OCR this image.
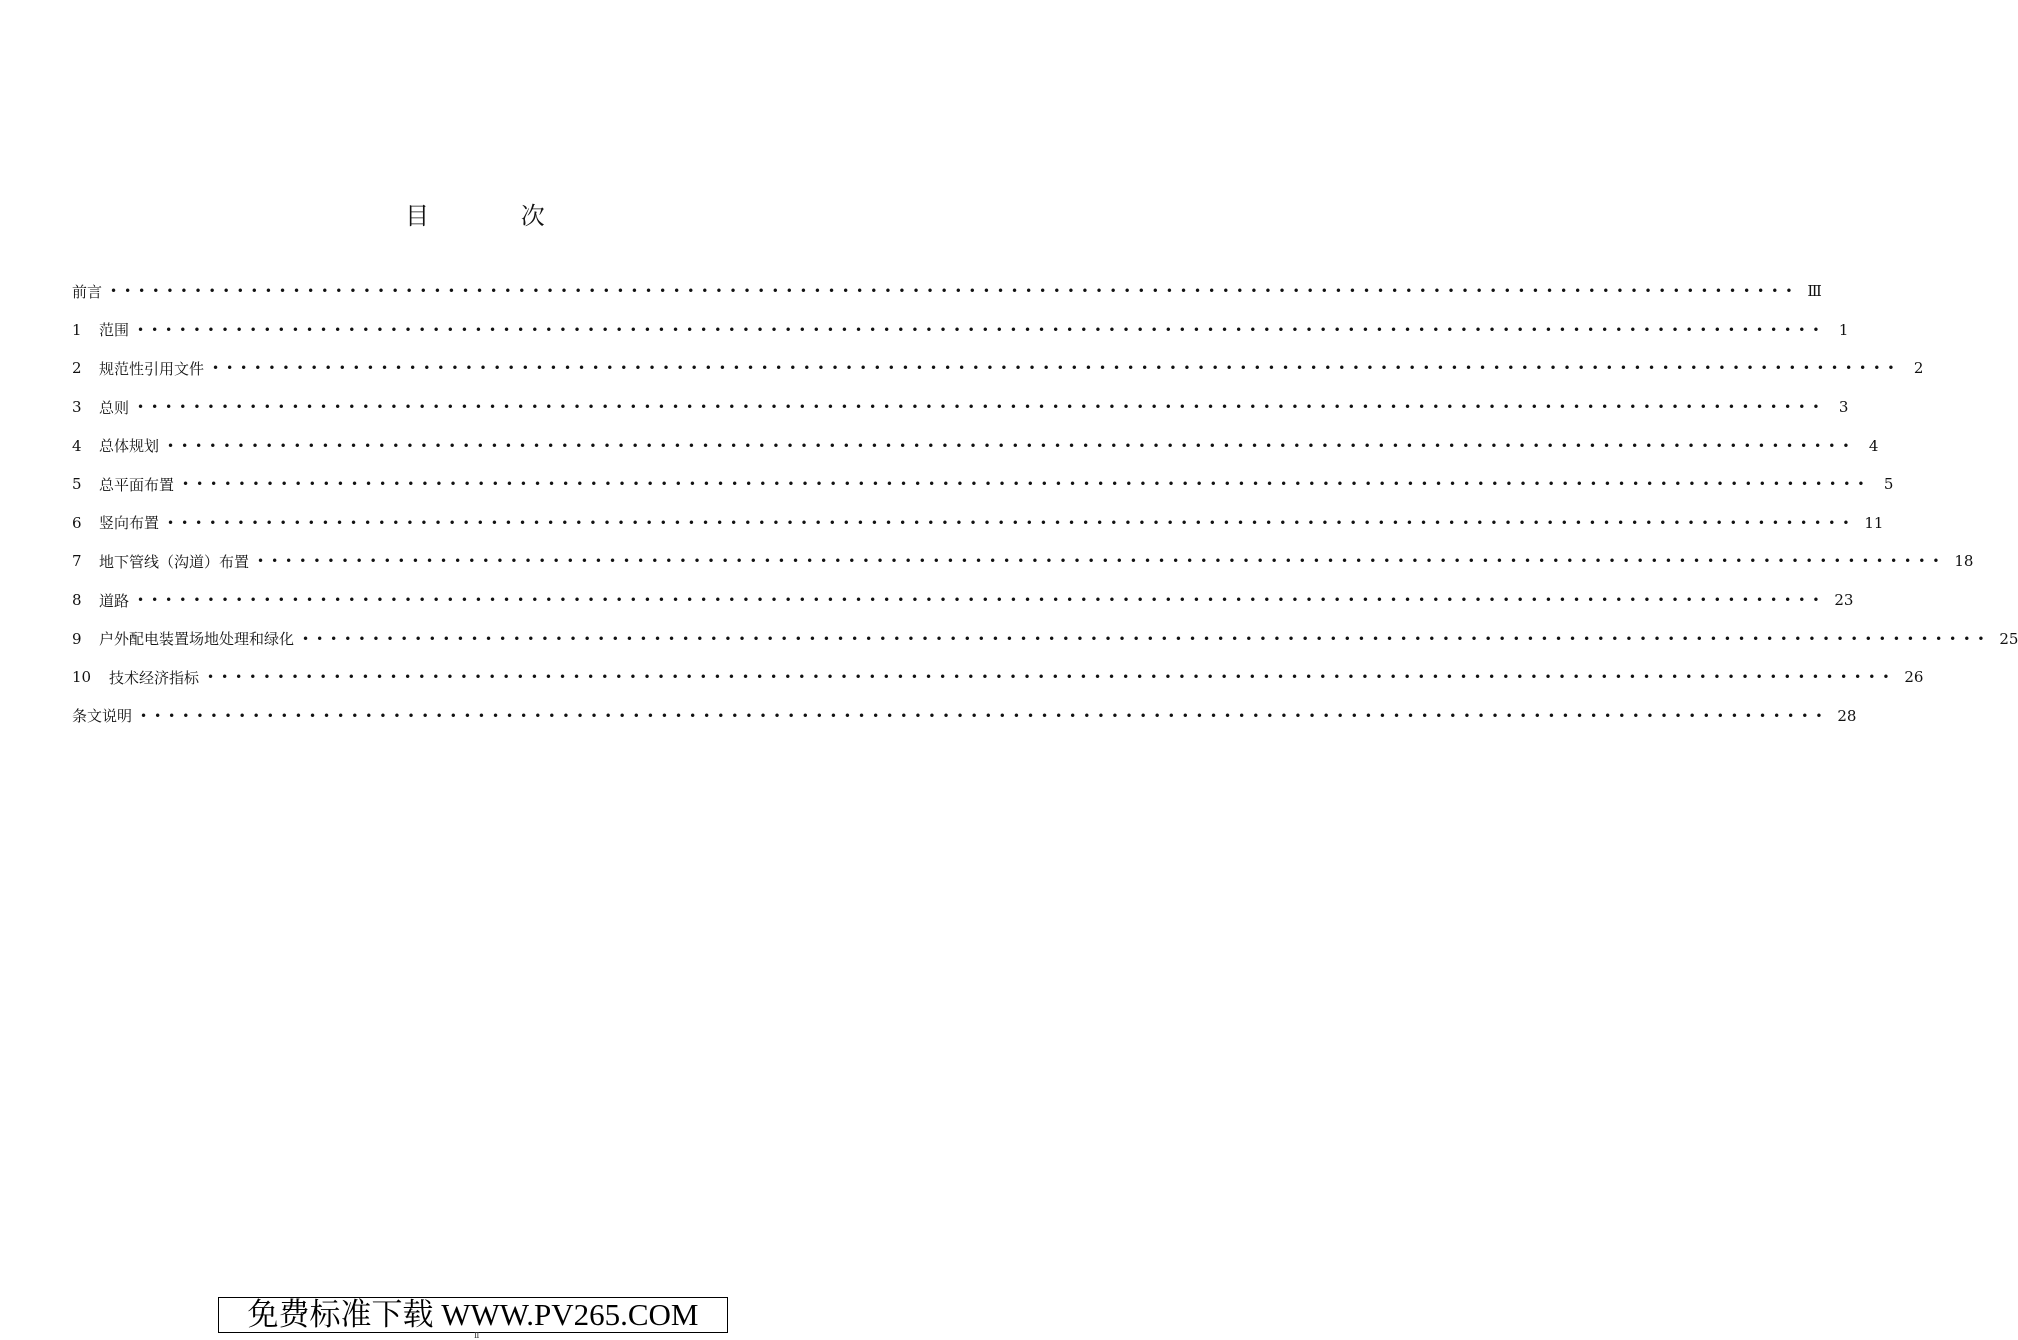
目 次
前言 •••••••••••••••••••••••••••••••••••••••••••••••••••••••••••••••••••••••••••••••••••••••••••••••••••••••••••••••••••••••• Ⅲ
1	范围 •••••••••••••••••••••••••••••••••••••••••••••••••••••••••••••••••••••••••••••••••••••••••••••••••••••••••••••••••••••••• 1
2	规范性引用文件 •••••••••••••••••••••••••••••••••••••••••••••••••••••••••••••••••••••••••••••••••••••••••••••••••••••••••••••••••••••••• 2
3	总则 •••••••••••••••••••••••••••••••••••••••••••••••••••••••••••••••••••••••••••••••••••••••••••••••••••••••••••••••••••••••• 3
4	总体规划 •••••••••••••••••••••••••••••••••••••••••••••••••••••••••••••••••••••••••••••••••••••••••••••••••••••••••••••••••••••••• 4
5	总平面布置 •••••••••••••••••••••••••••••••••••••••••••••••••••••••••••••••••••••••••••••••••••••••••••••••••••••••••••••••••••••••• 5
6	竖向布置 •••••••••••••••••••••••••••••••••••••••••••••••••••••••••••••••••••••••••••••••••••••••••••••••••••••••••••••••••••••••• 11
7	地下管线（沟道）布置 •••••••••••••••••••••••••••••••••••••••••••••••••••••••••••••••••••••••••••••••••••••••••••••••••••••••••••••••••••••••• 18
8	道路 •••••••••••••••••••••••••••••••••••••••••••••••••••••••••••••••••••••••••••••••••••••••••••••••••••••••••••••••••••••••• 23
9	户外配电装置场地处理和绿化 •••••••••••••••••••••••••••••••••••••••••••••••••••••••••••••••••••••••••••••••••••••••••••••••••••••••••••••••••••••••• 25
10	技术经济指标 •••••••••••••••••••••••••••••••••••••••••••••••••••••••••••••••••••••••••••••••••••••••••••••••••••••••••••••••••••••••• 26
条文说明 •••••••••••••••••••••••••••••••••••••••••••••••••••••••••••••••••••••••••••••••••••••••••••••••••••••••••••••••••••••••• 28
免费标准下载 WWW.PV265.COM
Ⅱ
